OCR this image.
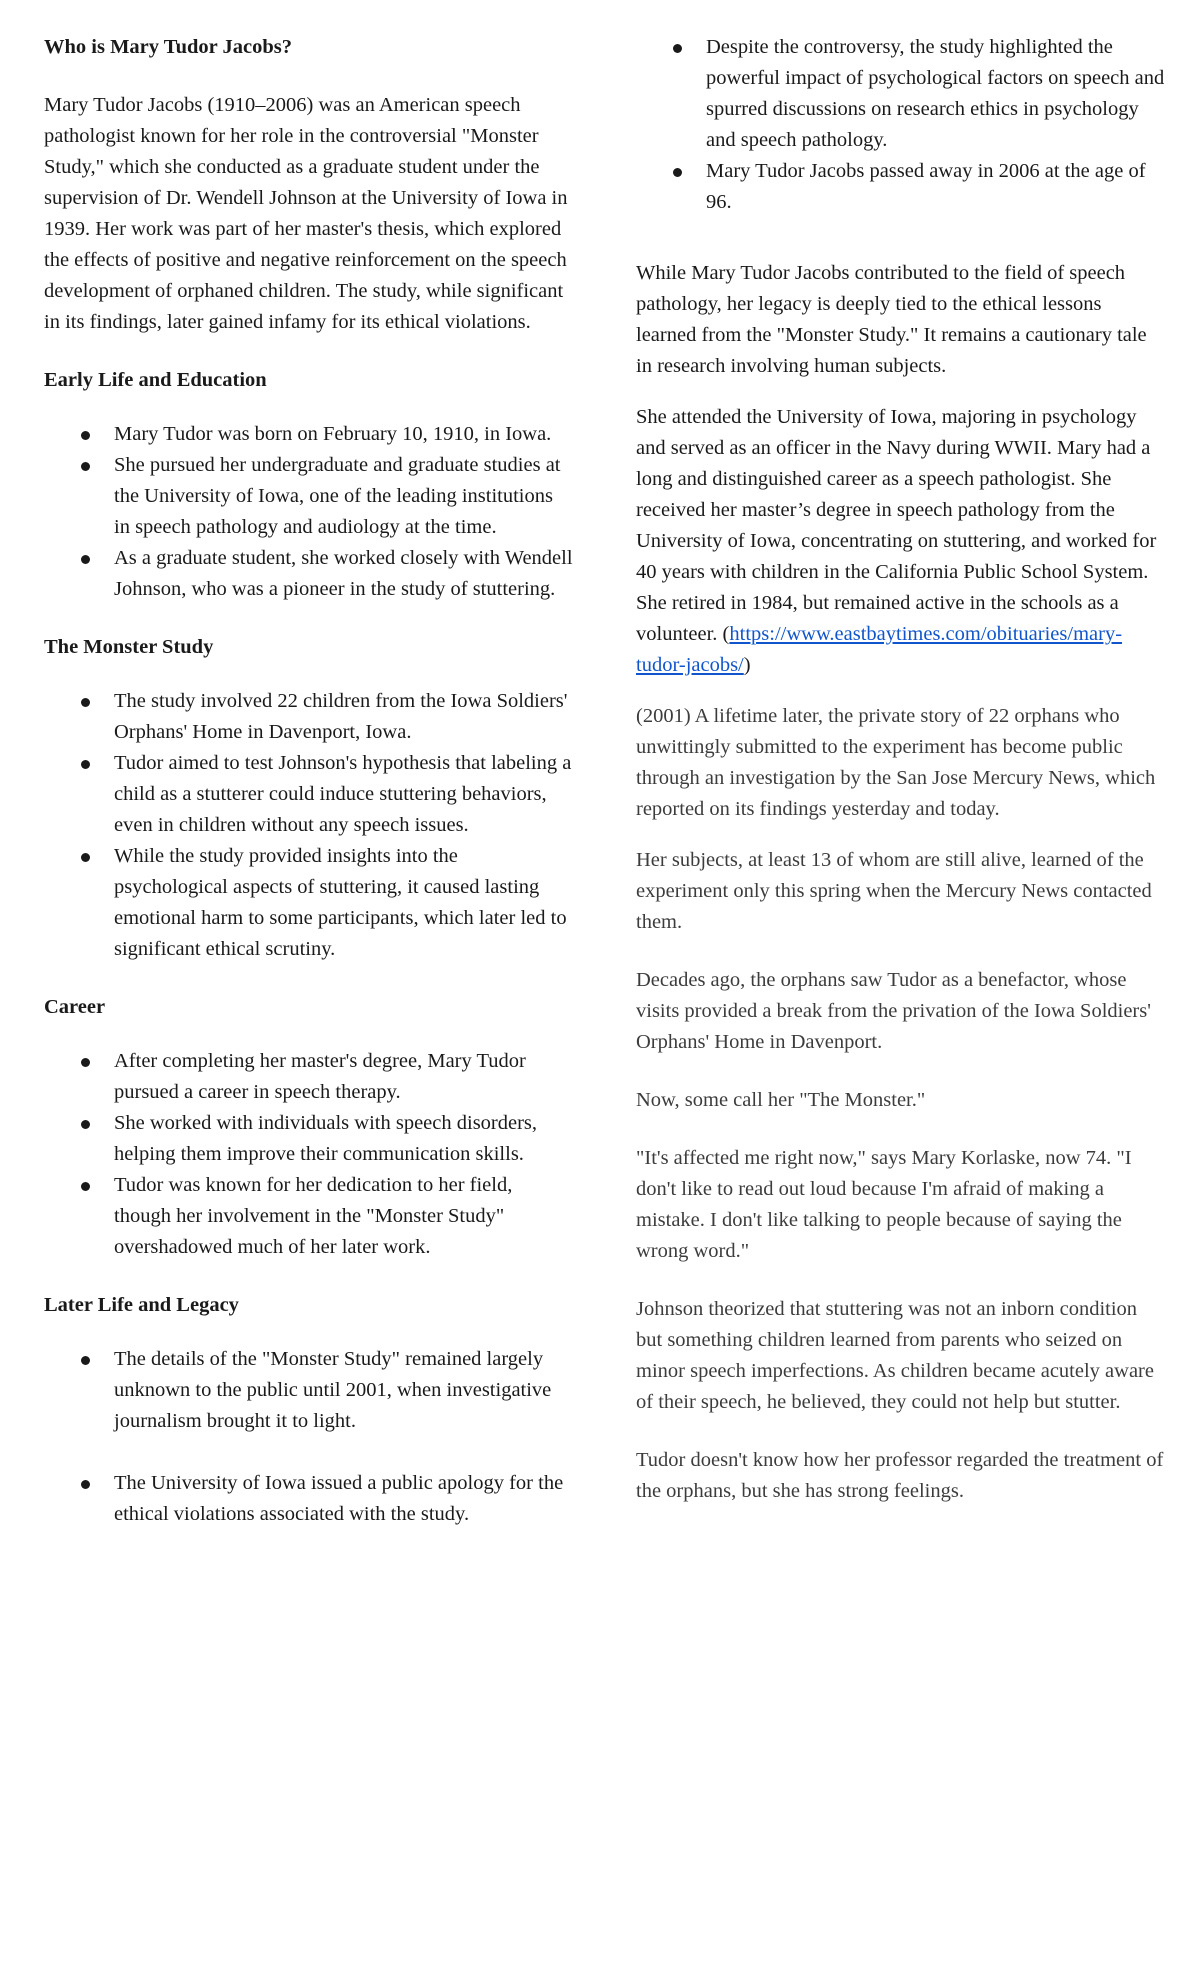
Who is Mary Tudor Jacobs?

Mary Tudor Jacobs (1910–2006) was an American speech pathologist known for her role in the controversial "Monster Study," which she conducted as a graduate student under the supervision of Dr. Wendell Johnson at the University of Iowa in 1939. Her work was part of her master's thesis, which explored the effects of positive and negative reinforcement on the speech development of orphaned children. The study, while significant in its findings, later gained infamy for its ethical violations.

Early Life and Education
Mary Tudor was born on February 10, 1910, in Iowa.
She pursued her undergraduate and graduate studies at the University of Iowa, one of the leading institutions in speech pathology and audiology at the time.
As a graduate student, she worked closely with Wendell Johnson, who was a pioneer in the study of stuttering.
The Monster Study
The study involved 22 children from the Iowa Soldiers' Orphans' Home in Davenport, Iowa.
Tudor aimed to test Johnson's hypothesis that labeling a child as a stutterer could induce stuttering behaviors, even in children without any speech issues.
While the study provided insights into the psychological aspects of stuttering, it caused lasting emotional harm to some participants, which later led to significant ethical scrutiny.
Career
After completing her master's degree, Mary Tudor pursued a career in speech therapy.
She worked with individuals with speech disorders, helping them improve their communication skills.
Tudor was known for her dedication to her field, though her involvement in the "Monster Study" overshadowed much of her later work.
Later Life and Legacy
The details of the "Monster Study" remained largely unknown to the public until 2001, when investigative journalism brought it to light.
The University of Iowa issued a public apology for the ethical violations associated with the study.
Despite the controversy, the study highlighted the powerful impact of psychological factors on speech and spurred discussions on research ethics in psychology and speech pathology.
Mary Tudor Jacobs passed away in 2006 at the age of 96.

While Mary Tudor Jacobs contributed to the field of speech pathology, her legacy is deeply tied to the ethical lessons learned from the "Monster Study." It remains a cautionary tale in research involving human subjects.

She attended the University of Iowa, majoring in psychology and served as an officer in the Navy during WWII. Mary had a long and distinguished career as a speech pathologist. She received her master’s degree in speech pathology from the University of Iowa, concentrating on stuttering, and worked for 40 years with children in the California Public School System. She retired in 1984, but remained active in the schools as a volunteer. (https://www.eastbaytimes.com/obituaries/mary-tudor-jacobs/)

(2001) A lifetime later, the private story of 22 orphans who unwittingly submitted to the experiment has become public through an investigation by the San Jose Mercury News, which reported on its findings yesterday and today.

Her subjects, at least 13 of whom are still alive, learned of the experiment only this spring when the Mercury News contacted them.

Decades ago, the orphans saw Tudor as a benefactor, whose visits provided a break from the privation of the Iowa Soldiers' Orphans' Home in Davenport.

Now, some call her "The Monster."

"It's affected me right now," says Mary Korlaske, now 74. "I don't like to read out loud because I'm afraid of making a mistake. I don't like talking to people because of saying the wrong word."

Johnson theorized that stuttering was not an inborn condition but something children learned from parents who seized on minor speech imperfections. As children became acutely aware of their speech, he believed, they could not help but stutter.

Tudor doesn't know how her professor regarded the treatment of the orphans, but she has strong feelings.
